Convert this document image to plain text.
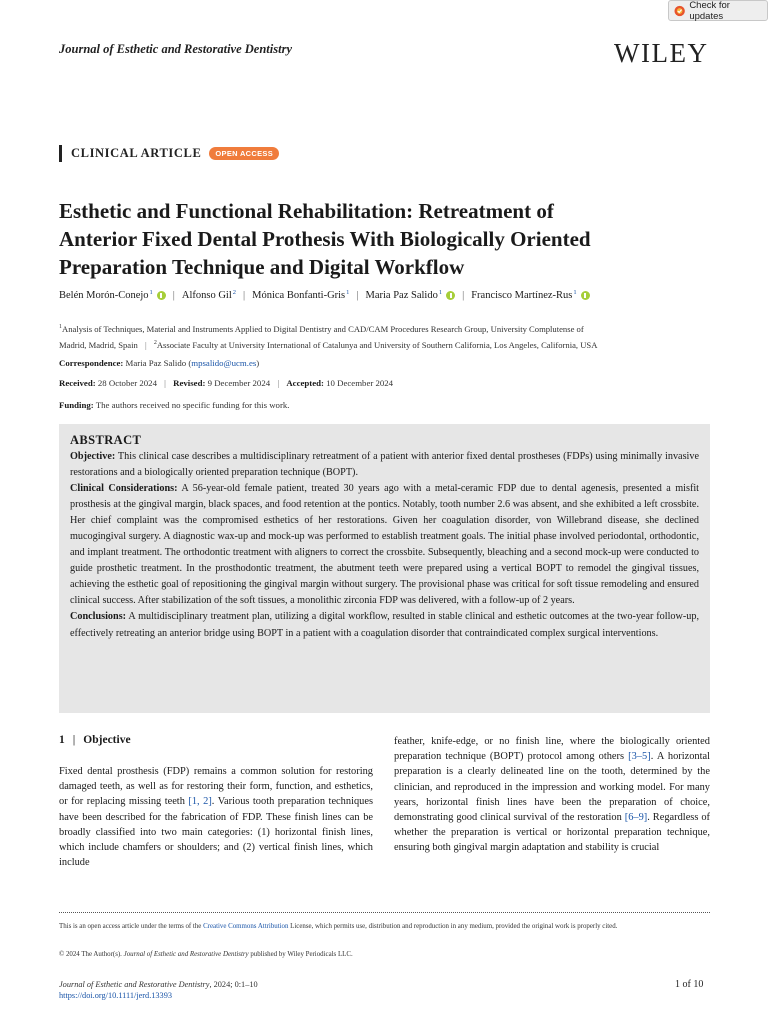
Check for updates
Journal of Esthetic and Restorative Dentistry	WILEY
CLINICAL ARTICLE	OPEN ACCESS
Esthetic and Functional Rehabilitation: Retreatment of
Anterior Fixed Dental Prothesis With Biologically Oriented
Preparation Technique and Digital Workflow
Belén Morón-Conejo$^1$ | Alfonso Gil$^2$ | Mónica Bonfanti-Gris$^1$ | Maria Paz Salido$^1$ | Francisco Martínez-Rus$^1$
$^1$Analysis of Techniques, Material and Instruments Applied to Digital Dentistry and CAD/CAM Procedures Research Group, University Complutense of
Madrid, Madrid, Spain | $^2$Associate Faculty at University International of Catalunya and University of Southern California, Los Angeles, California, USA
Correspondence: Maria Paz Salido (mpsalido@ucm.es)
Received: 28 October 2024 | Revised: 9 December 2024 | Accepted: 10 December 2024
Funding: The authors received no specific funding for this work.
ABSTRACT

Objective: This clinical case describes a multidisciplinary retreatment of a patient with anterior fixed dental prostheses (FDPs) using minimally invasive restorations and a biologically oriented preparation technique (BOPT).

Clinical Considerations: A 56-year-old female patient, treated 30 years ago with a metal-ceramic FDP due to dental agenesis, presented a misfit prosthesis at the gingival margin, black spaces, and food retention at the pontics. Notably, tooth number 2.6 was absent, and she exhibited a left crossbite. Her chief complaint was the compromised esthetics of her restorations. Given her coagulation disorder, von Willebrand disease, she declined mucogingival surgery. A diagnostic wax-up and mock-up was performed to establish treatment goals. The initial phase involved periodontal, orthodontic, and implant treatment. The orthodontic treatment with aligners to correct the crossbite. Subsequently, bleaching and a second mock-up were conducted to guide prosthetic treatment. In the prosthodontic treatment, the abutment teeth were prepared using a vertical BOPT to remodel the gingival tissues, achieving the esthetic goal of repositioning the gingival margin without surgery. The provisional phase was critical for soft tissue remodeling and ensured clinical success. After stabilization of the soft tissues, a monolithic zirconia FDP was delivered, with a follow-up of 2 years.

Conclusions: A multidisciplinary treatment plan, utilizing a digital workflow, resulted in stable clinical and esthetic outcomes at the two-year follow-up, effectively retreating an anterior bridge using BOPT in a patient with a coagulation disorder that contraindicated complex surgical interventions.

1 | Objective

Fixed dental prosthesis (FDP) remains a common solution for restoring damaged teeth, as well as for restoring their form, function, and esthetics, or for replacing missing teeth [1, 2]. Various tooth preparation techniques have been described for the fabrication of FDP. These finish lines can be broadly classified into two main categories: (1) horizontal finish lines, which include chamfers or shoulders; and (2) vertical finish lines, which include

feather, knife-edge, or no finish line, where the biologically oriented preparation technique (BOPT) protocol among others [3–5]. A horizontal preparation is a clearly delineated line on the tooth, determined by the clinician, and reproduced in the impression and working model. For many years, horizontal finish lines have been the preparation of choice, demonstrating good clinical survival of the restoration [6–9]. Regardless of whether the preparation is vertical or horizontal preparation technique, ensuring both gingival margin adaptation and stability is crucial

This is an open access article under the terms of the Creative Commons Attribution License, which permits use, distribution and reproduction in any medium, provided the original work is properly cited.
© 2024 The Author(s). Journal of Esthetic and Restorative Dentistry published by Wiley Periodicals LLC.
Journal of Esthetic and Restorative Dentistry, 2024; 0:1–10
https://doi.org/10.1111/jerd.13393
1 of 10
